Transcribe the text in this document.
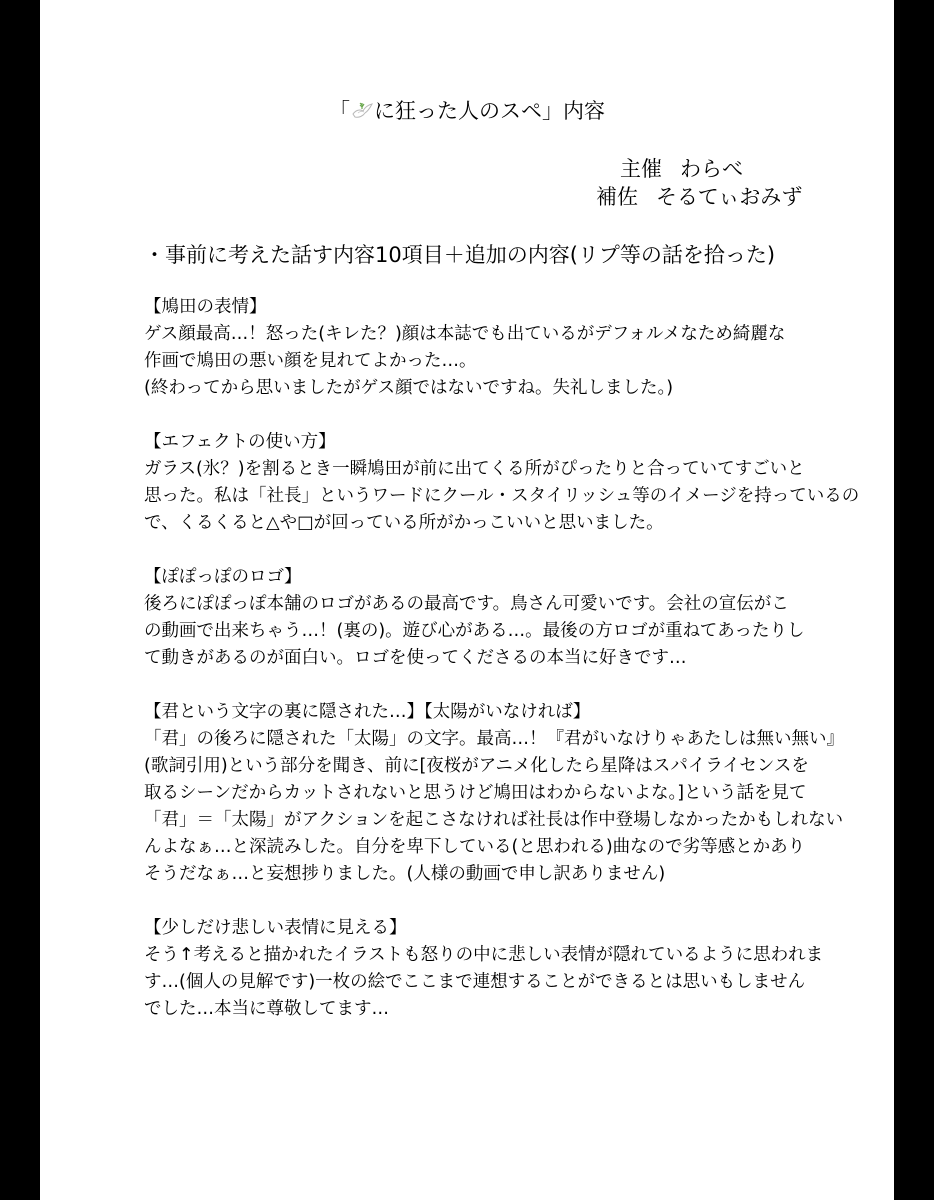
「 に狂った人のスペ」内容
主催 わらべ
補佐 そるてぃおみず
・事前に考えた話す内容10項目＋追加の内容(リプ等の話を拾った)
【鳩田の表情】
ゲス顔最高…！怒った(キレた？)顔は本誌でも出ているがデフォルメなため綺麗な
作画で鳩田の悪い顔を見れてよかった…。
(終わってから思いましたがゲス顔ではないですね。失礼しました。)
【エフェクトの使い方】
ガラス(氷？)を割るとき一瞬鳩田が前に出てくる所がぴったりと合っていてすごいと
思った。私は「社長」というワードにクール・スタイリッシュ等のイメージを持っているの
で、くるくると△や□が回っている所がかっこいいと思いました。
【ぽぽっぽのロゴ】
後ろにぽぽっぽ本舗のロゴがあるの最高です。鳥さん可愛いです。会社の宣伝がこ
の動画で出来ちゃう…！(裏の)。遊び心がある…。最後の方ロゴが重ねてあったりし
て動きがあるのが面白い。ロゴを使ってくださるの本当に好きです…
【君という文字の裏に隠された…】【太陽がいなければ】
「君」の後ろに隠された「太陽」の文字。最高…！『君がいなけりゃあたしは無い無い』
(歌詞引用)という部分を聞き、前に[夜桜がアニメ化したら星降はスパイライセンスを
取るシーンだからカットされないと思うけど鳩田はわからないよな。]という話を見て
「君」＝「太陽」がアクションを起こさなければ社長は作中登場しなかったかもしれない
んよなぁ…と深読みした。自分を卑下している(と思われる)曲なので劣等感とかあり
そうだなぁ…と妄想捗りました。(人様の動画で申し訳ありません)
【少しだけ悲しい表情に見える】
そう↑考えると描かれたイラストも怒りの中に悲しい表情が隠れているように思われま
す…(個人の見解です)一枚の絵でここまで連想することができるとは思いもしません
でした…本当に尊敬してます…
